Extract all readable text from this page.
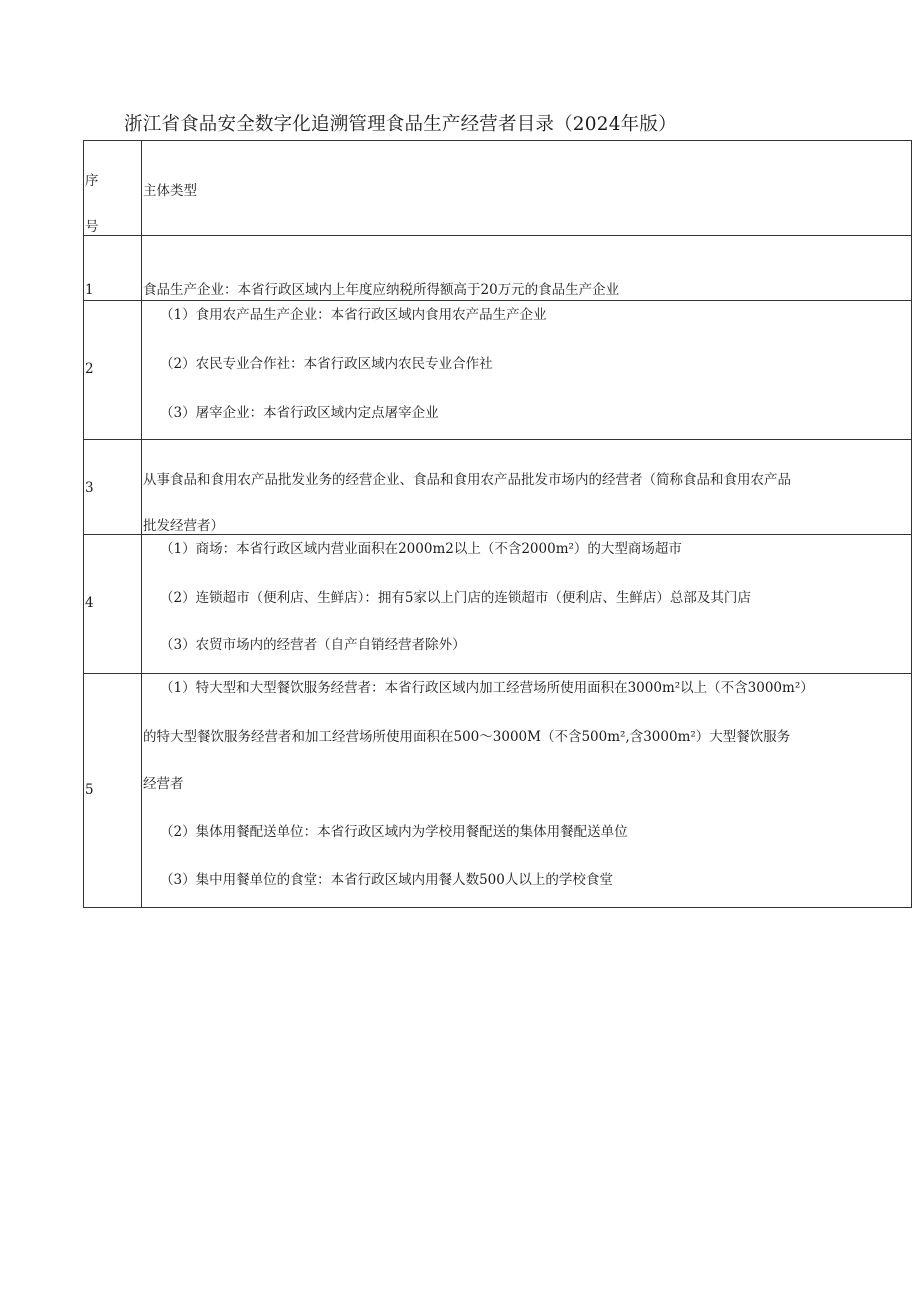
浙江省食品安全数字化追溯管理食品生产经营者目录（2024年版）
序
号	主体类型

1	食品生产企业：本省行政区域内上年度应纳税所得额高于20万元的食品生产企业

2	（1）食用农产品生产企业：本省行政区域内食用农产品生产企业
（2）农民专业合作社：本省行政区域内农民专业合作社
（3）屠宰企业：本省行政区域内定点屠宰企业

3	从事食品和食用农产品批发业务的经营企业、食品和食用农产品批发市场内的经营者（简称食品和食用农产品
批发经营者）

4	（1）商场：本省行政区域内营业面积在2000m2以上（不含2000m²）的大型商场超市
（2）连锁超市（便利店、生鲜店）：拥有5家以上门店的连锁超市（便利店、生鲜店）总部及其门店
（3）农贸市场内的经营者（自产自销经营者除外）

5	（1）特大型和大型餐饮服务经营者：本省行政区域内加工经营场所使用面积在3000m²以上（不含3000m²）
的特大型餐饮服务经营者和加工经营场所使用面积在500～3000M（不含500m²,含3000m²）大型餐饮服务
经营者
（2）集体用餐配送单位：本省行政区域内为学校用餐配送的集体用餐配送单位
（3）集中用餐单位的食堂：本省行政区域内用餐人数500人以上的学校食堂
